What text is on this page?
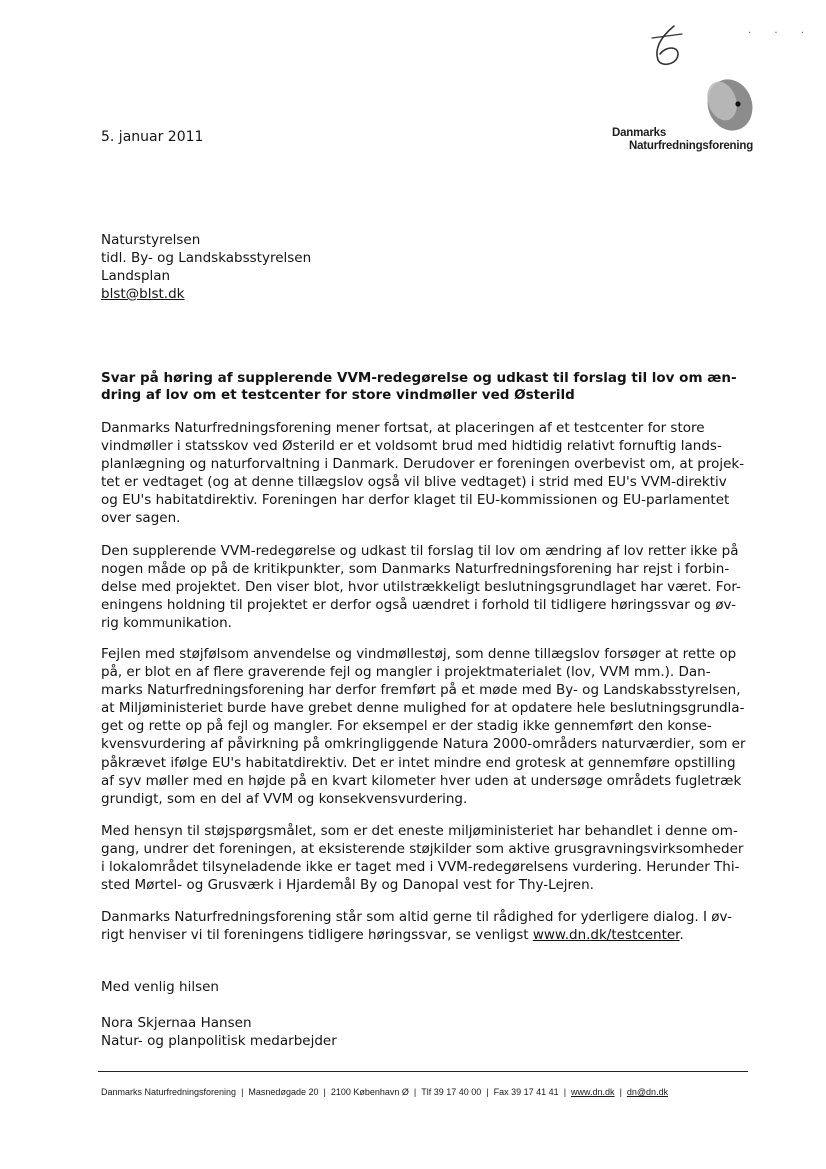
· · ·
5. januar 2011	Danmarks
Naturfredningsforening
Naturstyrelsen
tidl. By- og Landskabsstyrelsen
Landsplan
blst@blst.dk
Svar på høring af supplerende VVM-redegørelse og udkast til forslag til lov om æn-
dring af lov om et testcenter for store vindmøller ved Østerild
Danmarks Naturfredningsforening mener fortsat, at placeringen af et testcenter for store
vindmøller i statsskov ved Østerild er et voldsomt brud med hidtidig relativt fornuftig lands-
planlægning og naturforvaltning i Danmark. Derudover er foreningen overbevist om, at projek-
tet er vedtaget (og at denne tillægslov også vil blive vedtaget) i strid med EU's VVM-direktiv
og EU's habitatdirektiv. Foreningen har derfor klaget til EU-kommissionen og EU-parlamentet
over sagen.
Den supplerende VVM-redegørelse og udkast til forslag til lov om ændring af lov retter ikke på
nogen måde op på de kritikpunkter, som Danmarks Naturfredningsforening har rejst i forbin-
delse med projektet. Den viser blot, hvor utilstrækkeligt beslutningsgrundlaget har været. For-
eningens holdning til projektet er derfor også uændret i forhold til tidligere høringssvar og øv-
rig kommunikation.
Fejlen med støjfølsom anvendelse og vindmøllestøj, som denne tillægslov forsøger at rette op
på, er blot en af flere graverende fejl og mangler i projektmaterialet (lov, VVM mm.). Dan-
marks Naturfredningsforening har derfor fremført på et møde med By- og Landskabsstyrelsen,
at Miljøministeriet burde have grebet denne mulighed for at opdatere hele beslutningsgrundla-
get og rette op på fejl og mangler. For eksempel er der stadig ikke gennemført den konse-
kvensvurdering af påvirkning på omkringliggende Natura 2000-områders naturværdier, som er
påkrævet ifølge EU's habitatdirektiv. Det er intet mindre end grotesk at gennemføre opstilling
af syv møller med en højde på en kvart kilometer hver uden at undersøge områdets fugletræk
grundigt, som en del af VVM og konsekvensvurdering.
Med hensyn til støjspørgsmålet, som er det eneste miljøministeriet har behandlet i denne om-
gang, undrer det foreningen, at eksisterende støjkilder som aktive grusgravningsvirksomheder
i lokalområdet tilsyneladende ikke er taget med i VVM-redegørelsens vurdering. Herunder Thi-
sted Mørtel- og Grusværk i Hjardemål By og Danopal vest for Thy-Lejren.
Danmarks Naturfredningsforening står som altid gerne til rådighed for yderligere dialog. I øv-
rigt henviser vi til foreningens tidligere høringssvar, se venligst www.dn.dk/testcenter.
Med venlig hilsen
Nora Skjernaa Hansen
Natur- og planpolitisk medarbejder
Danmarks Naturfredningsforening | Masnedøgade 20 | 2100 København Ø | Tlf 39 17 40 00 | Fax 39 17 41 41 | www.dn.dk | dn@dn.dk
